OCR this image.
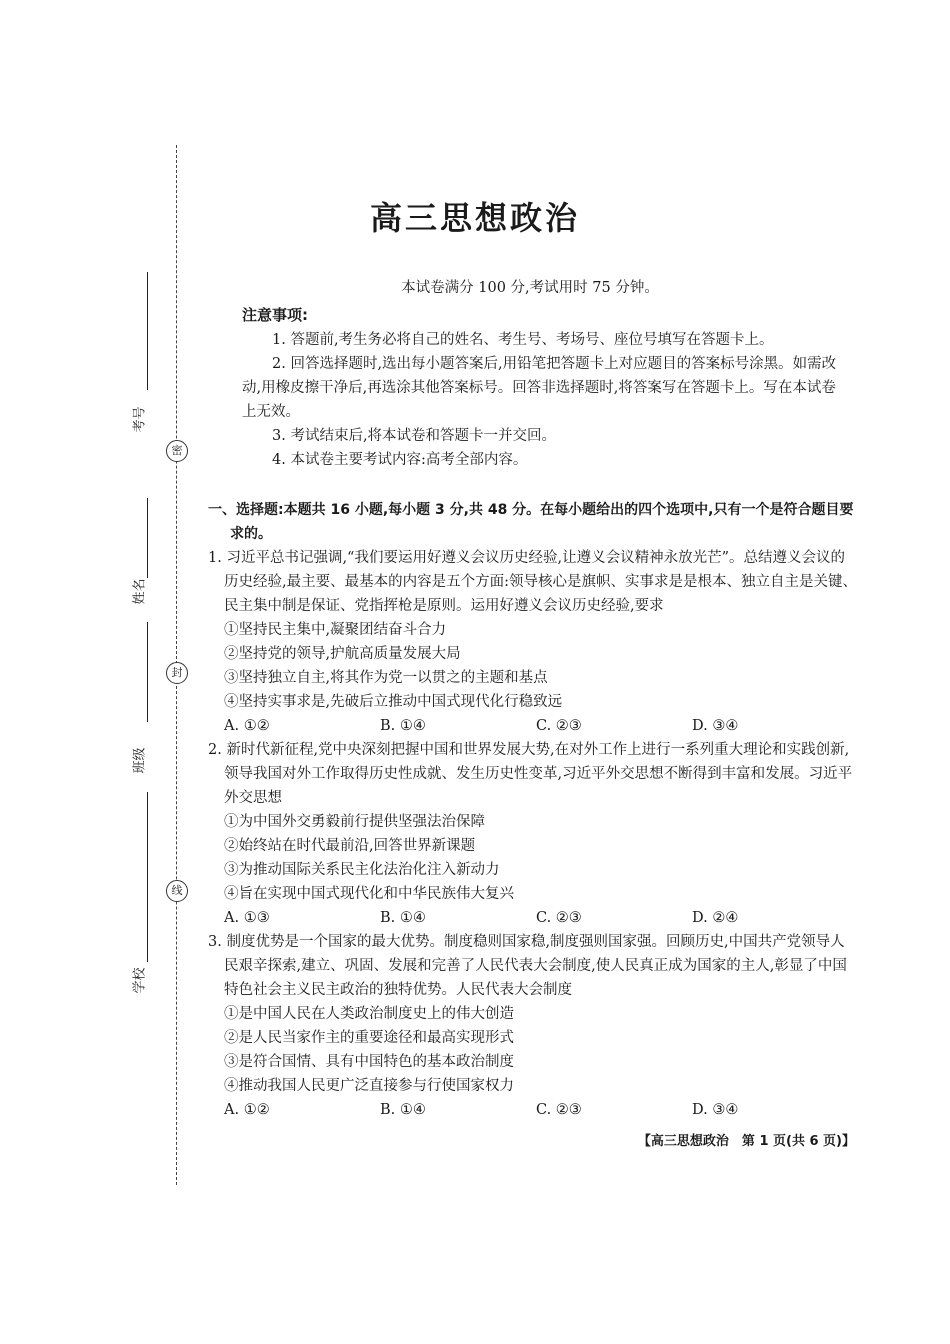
考号
姓名
班级
学校
密
封
线
高三思想政治
本试卷满分 100 分,考试用时 75 分钟。
注意事项:

1. 答题前,考生务必将自己的姓名、考生号、考场号、座位号填写在答题卡上。

2. 回答选择题时,选出每小题答案后,用铅笔把答题卡上对应题目的答案标号涂黑。如需改动,用橡皮擦干净后,再选涂其他答案标号。回答非选择题时,将答案写在答题卡上。写在本试卷上无效。

3. 考试结束后,将本试卷和答题卡一并交回。

4. 本试卷主要考试内容:高考全部内容。

一、选择题:本题共 16 小题,每小题 3 分,共 48 分。在每小题给出的四个选项中,只有一个是符合题目要求的。

1. 习近平总书记强调,“我们要运用好遵义会议历史经验,让遵义会议精神永放光芒”。总结遵义会议的历史经验,最主要、最基本的内容是五个方面:领导核心是旗帜、实事求是是根本、独立自主是关键、民主集中制是保证、党指挥枪是原则。运用好遵义会议历史经验,要求

①坚持民主集中,凝聚团结奋斗合力

②坚持党的领导,护航高质量发展大局

③坚持独立自主,将其作为党一以贯之的主题和基点

④坚持实事求是,先破后立推动中国式现代化行稳致远

A. ①②	B. ①④	C. ②③	D. ③④

2. 新时代新征程,党中央深刻把握中国和世界发展大势,在对外工作上进行一系列重大理论和实践创新,领导我国对外工作取得历史性成就、发生历史性变革,习近平外交思想不断得到丰富和发展。习近平外交思想

①为中国外交勇毅前行提供坚强法治保障

②始终站在时代最前沿,回答世界新课题

③为推动国际关系民主化法治化注入新动力

④旨在实现中国式现代化和中华民族伟大复兴

A. ①③	B. ①④	C. ②③	D. ②④

3. 制度优势是一个国家的最大优势。制度稳则国家稳,制度强则国家强。回顾历史,中国共产党领导人民艰辛探索,建立、巩固、发展和完善了人民代表大会制度,使人民真正成为国家的主人,彰显了中国特色社会主义民主政治的独特优势。人民代表大会制度

①是中国人民在人类政治制度史上的伟大创造

②是人民当家作主的重要途径和最高实现形式

③是符合国情、具有中国特色的基本政治制度

④推动我国人民更广泛直接参与行使国家权力

A. ①②	B. ①④	C. ②③	D. ③④
【高三思想政治　第 1 页(共 6 页)】
